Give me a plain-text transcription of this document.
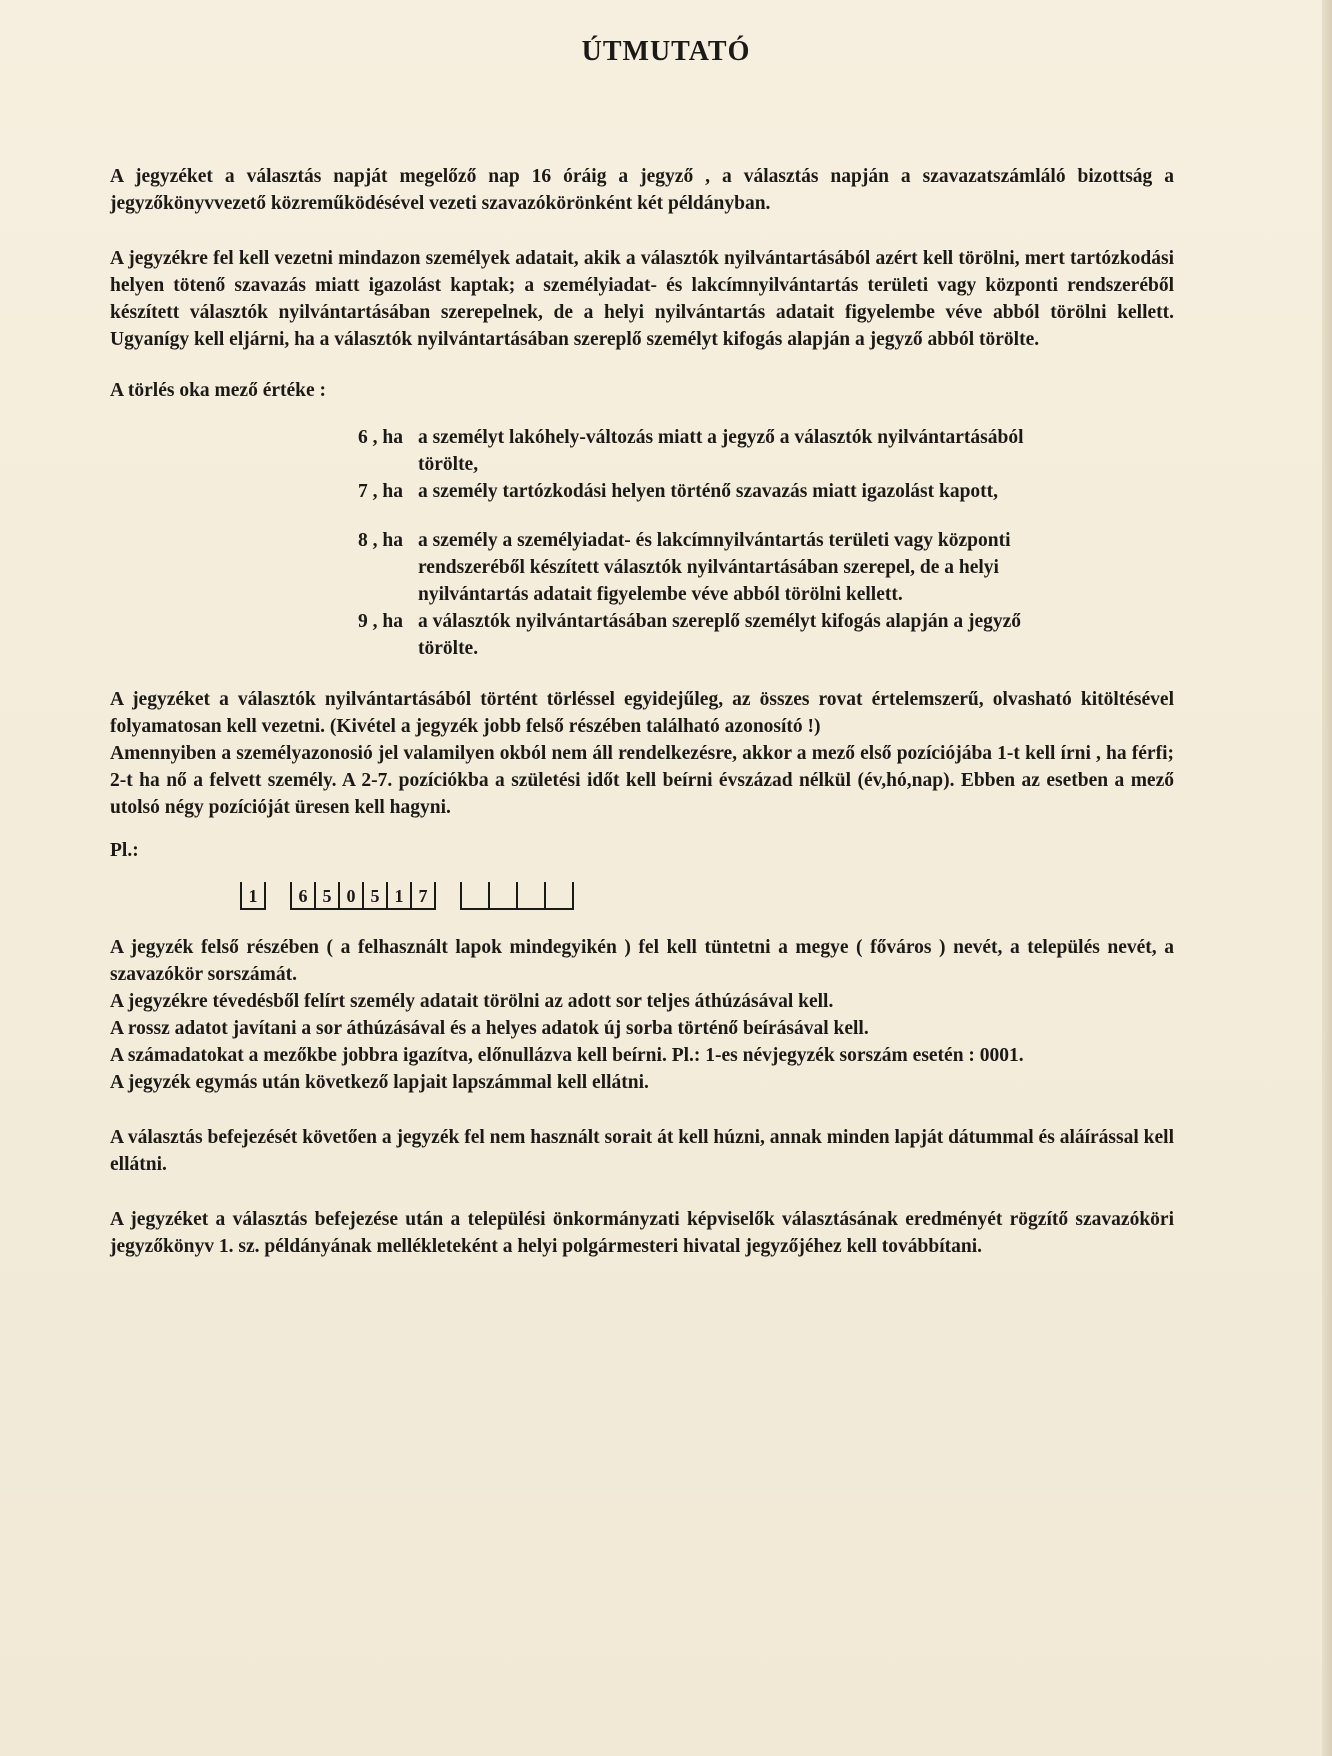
ÚTMUTATÓ

A jegyzéket a választás napját megelőző nap 16 óráig a jegyző , a választás napján a szavazatszámláló bizottság a jegyzőkönyvvezető közreműködésével vezeti szavazókörönként két példányban.

A jegyzékre fel kell vezetni mindazon személyek adatait, akik a választók nyilvántartásából azért kell törölni, mert tartózkodási helyen tötenő szavazás miatt igazolást kaptak; a személyiadat- és lakcímnyilvántartás területi vagy központi rendszeréből készített választók nyilvántartásában szerepelnek, de a helyi nyilvántartás adatait figyelembe véve abból törölni kellett. Ugyanígy kell eljárni, ha a választók nyilvántartásában szereplő személyt kifogás alapján a jegyző abból törölte.

A törlés oka mező értéke :

6 , ha a személyt lakóhely-változás miatt a jegyző a választók nyilvántartásából törölte,
7 , ha a személy tartózkodási helyen történő szavazás miatt igazolást kapott,
8 , ha a személy a személyiadat- és lakcímnyilvántartás területi vagy központi rendszeréből készített választók nyilvántartásában szerepel, de a helyi nyilvántartás adatait figyelembe véve abból törölni kellett.
9 , ha a választók nyilvántartásában szereplő személyt kifogás alapján a jegyző törölte.

A jegyzéket a választók nyilvántartásából történt törléssel egyidejűleg, az összes rovat értelemszerű, olvasható kitöltésével folyamatosan kell vezetni. (Kivétel a jegyzék jobb felső részében található azonosító !)

Amennyiben a személyazonosió jel valamilyen okból nem áll rendelkezésre, akkor a mező első pozíciójába 1-t kell írni , ha férfi; 2-t ha nő a felvett személy. A 2-7. pozíciókba a születési időt kell beírni évszázad nélkül (év,hó,nap). Ebben az esetben a mező utolsó négy pozícióját üresen kell hagyni.

Pl.:

1	6 5 0 5 1 7

A jegyzék felső részében ( a felhasznált lapok mindegyikén ) fel kell tüntetni a megye ( főváros ) nevét, a település nevét, a szavazókör sorszámát.

A jegyzékre tévedésből felírt személy adatait törölni az adott sor teljes áthúzásával kell.

A rossz adatot javítani a sor áthúzásával és a helyes adatok új sorba történő beírásával kell.

A számadatokat a mezőkbe jobbra igazítva, előnullázva kell beírni. Pl.: 1-es névjegyzék sorszám esetén : 0001.

A jegyzék egymás után következő lapjait lapszámmal kell ellátni.

A választás befejezését követően a jegyzék fel nem használt sorait át kell húzni, annak minden lapját dátummal és aláírással kell ellátni.

A jegyzéket a választás befejezése után a települési önkormányzati képviselők választásának eredményét rögzítő szavazóköri jegyzőkönyv 1. sz. példányának mellékleteként a helyi polgármesteri hivatal jegyzőjéhez kell továbbítani.
